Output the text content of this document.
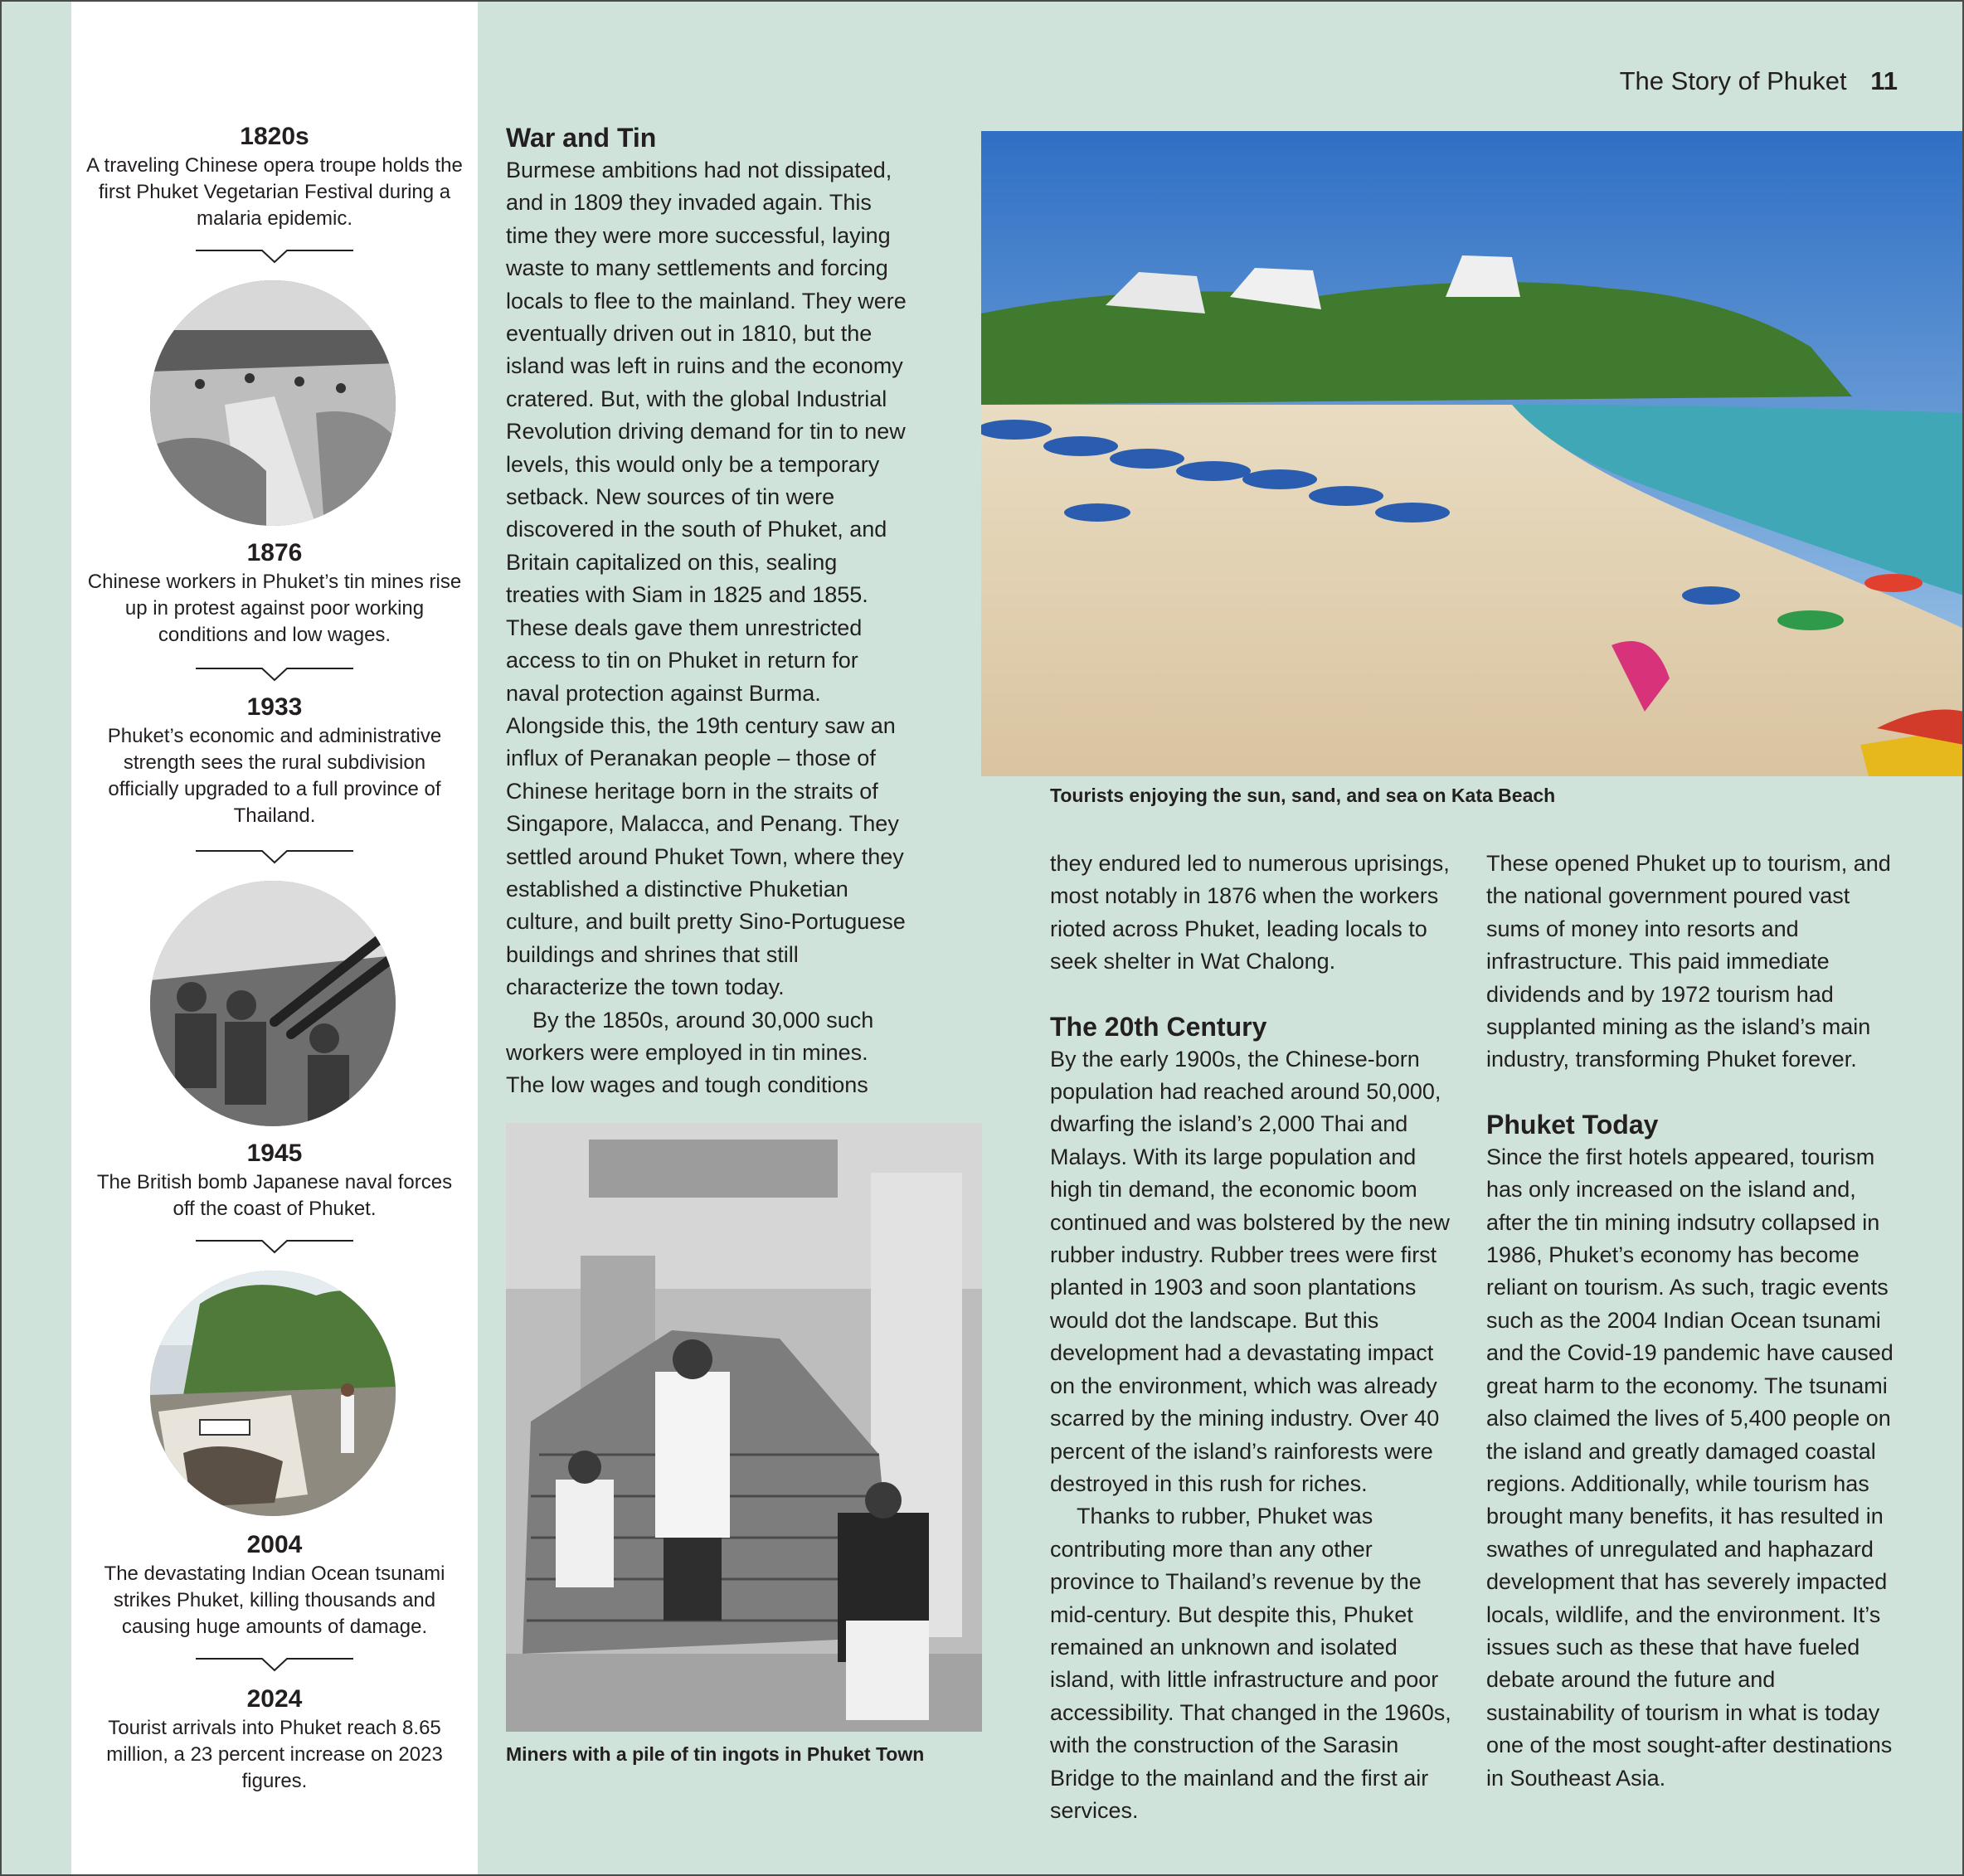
1820s
A traveling Chinese opera troupe holds the first Phuket Vegetarian Festival during a malaria epidemic.
1876
Chinese workers in Phuket’s tin mines rise up in protest against poor working conditions and low wages.
1933
Phuket’s economic and administrative strength sees the rural subdivision officially upgraded to a full province of Thailand.
1945
The British bomb Japanese naval forces off the coast of Phuket.
2004
The devastating Indian Ocean tsunami strikes Phuket, killing thousands and causing huge amounts of damage.
2024
Tourist arrivals into Phuket reach 8.65 million, a 23 percent increase on 2023 figures.
The Story of Phuket 11
War and Tin

Burmese ambitions had not dissipated, and in 1809 they invaded again. This time they were more successful, laying waste to many settlements and forcing locals to flee to the mainland. They were eventually driven out in 1810, but the island was left in ruins and the economy cratered. But, with the global Industrial Revolution driving demand for tin to new levels, this would only be a temporary setback. New sources of tin were discovered in the south of Phuket, and Britain capitalized on this, sealing treaties with Siam in 1825 and 1855. These deals gave them unrestricted access to tin on Phuket in return for naval protection against Burma. Alongside this, the 19th century saw an influx of Peranakan people – those of Chinese heritage born in the straits of Singapore, Malacca, and Penang. They settled around Phuket Town, where they established a distinctive Phuketian culture, and built pretty Sino-Portuguese buildings and shrines that still characterize the town today.

By the 1850s, around 30,000 such workers were employed in tin mines. The low wages and tough conditions

Tourists enjoying the sun, sand, and sea on Kata Beach
Miners with a pile of tin ingots in Phuket Town

they endured led to numerous uprisings, most notably in 1876 when the workers rioted across Phuket, leading locals to seek shelter in Wat Chalong.

The 20th Century

By the early 1900s, the Chinese-born population had reached around 50,000, dwarfing the island’s 2,000 Thai and Malays. With its large population and high tin demand, the economic boom continued and was bolstered by the new rubber industry. Rubber trees were first planted in 1903 and soon plantations would dot the landscape. But this development had a devastating impact on the environment, which was already scarred by the mining industry. Over 40 percent of the island’s rainforests were destroyed in this rush for riches.

Thanks to rubber, Phuket was contributing more than any other province to Thailand’s revenue by the mid-century. But despite this, Phuket remained an unknown and isolated island, with little infrastructure and poor accessibility. That changed in the 1960s, with the construction of the Sarasin Bridge to the mainland and the first air services.

These opened Phuket up to tourism, and the national government poured vast sums of money into resorts and infrastructure. This paid immediate dividends and by 1972 tourism had supplanted mining as the island’s main industry, transforming Phuket forever.

Phuket Today

Since the first hotels appeared, tourism has only increased on the island and, after the tin mining indsutry collapsed in 1986, Phuket’s economy has become reliant on tourism. As such, tragic events such as the 2004 Indian Ocean tsunami and the Covid-19 pandemic have caused great harm to the economy. The tsunami also claimed the lives of 5,400 people on the island and greatly damaged coastal regions. Additionally, while tourism has brought many benefits, it has resulted in swathes of unregulated and haphazard development that has severely impacted locals, wildlife, and the environment. It’s issues such as these that have fueled debate around the future and sustainability of tourism in what is today one of the most sought-after destinations in Southeast Asia.
